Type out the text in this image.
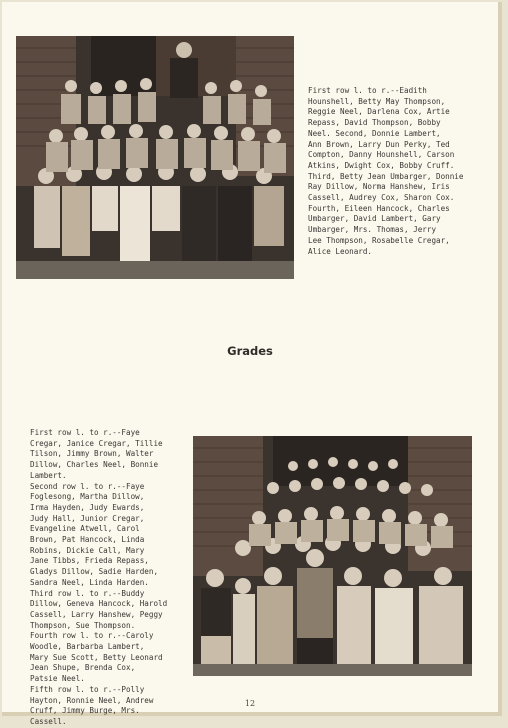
First row l. to r.--Eadith
Hounshell, Betty May Thompson,
Reggie Neel, Darlena Cox, Artie
Repass, David Thompson, Bobby
Neel. Second, Donnie Lambert,
Ann Brown, Larry Dun Perky, Ted
Compton, Danny Hounshell, Carson
Atkins, Dwight Cox, Bobby Cruff.
Third, Betty Jean Umbarger, Donnie
Ray Dillow, Norma Hanshew, Iris
Cassell, Audrey Cox, Sharon Cox.
Fourth, Eileen Hancock, Charles
Umbarger, David Lambert, Gary
Umbarger, Mrs. Thomas, Jerry
Lee Thompson, Rosabelle Cregar,
Alice Leonard.

Grades

First row l. to r.--Faye
Cregar, Janice Cregar, Tillie
Tilson, Jimmy Brown, Walter
Dillow, Charles Neel, Bonnie
Lambert.
Second row l. to r.--Faye
Foglesong, Martha Dillow,
Irma Hayden, Judy Ewards,
Judy Hall, Junior Cregar,
Evangeline Atwell, Carol
Brown, Pat Hancock, Linda
Robins, Dickie Call, Mary
Jane Tibbs, Frieda Repass,
Gladys Dillow, Sadie Harden,
Sandra Neel, Linda Harden.
Third row l. to r.--Buddy
Dillow, Geneva Hancock, Harold
Cassell, Larry Hanshew, Peggy
Thompson, Sue Thompson.
Fourth row l. to r.--Caroly
Woodle, Barbarba Lambert,
Mary Sue Scott, Betty Leonard
Jean Shupe, Brenda Cox,
Patsie Neel.
Fifth row l. to r.--Polly
Hayton, Ronnie Neel, Andrew
Cruff, Jimmy Burge, Mrs.
Cassell.

12
